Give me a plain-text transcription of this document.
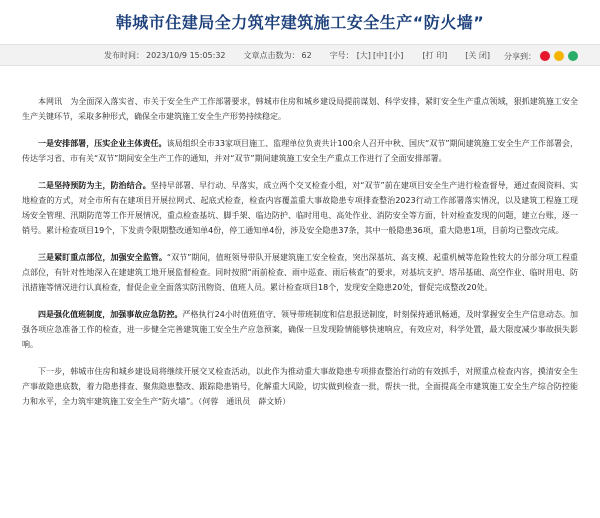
韩城市住建局全力筑牢建筑施工安全生产“防火墙”
发布时间： 2023/10/9 15:05:32 文章点击数为： 62 字号： [大] [中] [小] [打 印] [关 闭] 分享到：

本网讯　为全面深入落实省、市关于安全生产工作部署要求，韩城市住房和城乡建设局提前谋划、科学安排，紧盯安全生产重点领域，狠抓建筑施工安全生产关键环节，采取多种形式，确保全市建筑施工安全生产形势持续稳定。

一是安排部署，压实企业主体责任。该局组织全市33家项目施工、监理单位负责共计100余人召开中秋、国庆“双节”期间建筑施工安全生产工作部署会，传达学习省、市有关“双节”期间安全生产工作的通知，并对“双节”期间建筑施工安全生产重点工作进行了全面安排部署。

二是坚持预防为主，防治结合。坚持早部署、早行动、早落实，成立两个交叉检查小组，对“双节”前在建项目安全生产进行检查督导，通过查阅资料、实地检查的方式，对全市所有在建项目开展拉网式、起底式检查，检查内容覆盖重大事故隐患专项排查整治2023行动工作部署落实情况，以及建筑工程施工现场安全管理、汛期防范等工作开展情况，重点检查基坑、脚手架、临边防护、临时用电、高处作业、消防安全等方面，针对检查发现的问题，建立台账，逐一销号。累计检查项目19个，下发责令限期整改通知单4份，停工通知单4份，涉及安全隐患37条，其中一般隐患36项，重大隐患1项，目前均已整改完成。

三是紧盯重点部位，加强安全监管。“双节”期间，值班领导带队开展建筑施工安全检查，突出深基坑、高支模、起重机械等危险性较大的分部分项工程重点部位，有针对性地深入在建建筑工地开展监督检查。同时按照“雨前检查、雨中巡查、雨后核查”的要求，对基坑支护、塔吊基础、高空作业、临时用电、防汛措施等情况进行认真检查，督促企业全面落实防汛物资、值班人员。累计检查项目18个，发现安全隐患20处，督促完成整改20处。

四是强化值班制度，加强事故应急防控。严格执行24小时值班值守、领导带班制度和信息报送制度，时刻保持通讯畅通，及时掌握安全生产信息动态。加强各项应急准备工作的检查，进一步健全完善建筑施工安全生产应急预案，确保一旦发现险情能够快速响应，有效应对，科学处置，最大限度减少事故损失影响。

下一步，韩城市住房和城乡建设局将继续开展交叉检查活动，以此作为推动重大事故隐患专项排查整治行动的有效抓手，对照重点检查内容，摸清安全生产事故隐患底数，着力隐患排查、聚焦隐患整改、跟踪隐患销号，化解重大风险，切实做到检查一批，帮扶一批，全面提高全市建筑施工安全生产综合防控能力和水平，全力筑牢建筑施工安全生产“防火墙”。（何蓉　通讯员　薛文娇）
